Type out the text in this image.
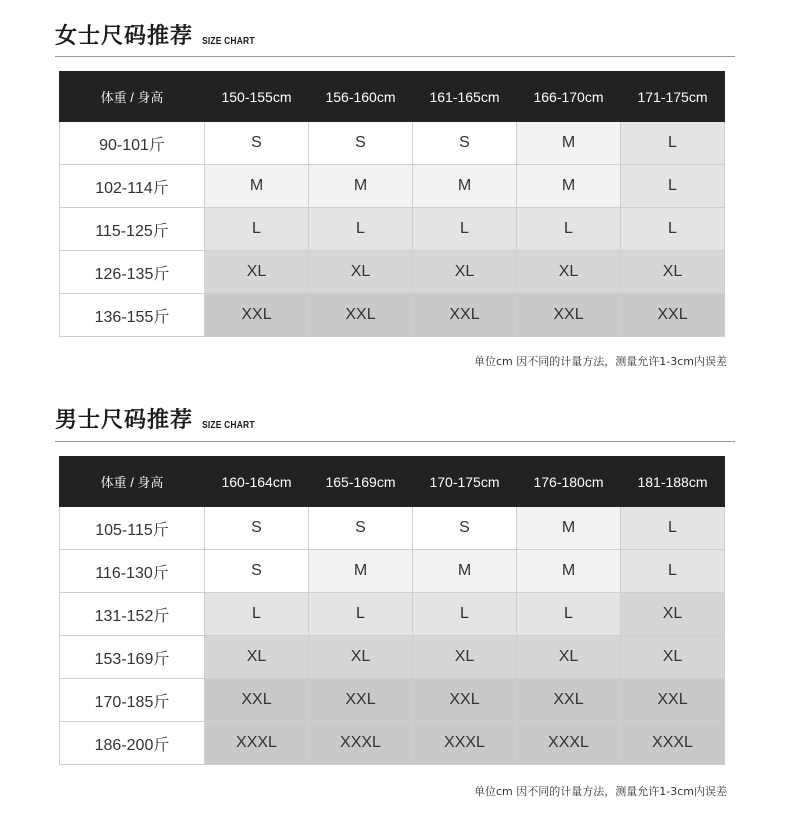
女士尺码推荐 SIZE CHART
体重 / 身高	150-155cm	156-160cm	161-165cm	166-170cm	171-175cm
90-101斤	S	S	S	M	L
102-114斤	M	M	M	M	L
115-125斤	L	L	L	L	L
126-135斤	XL	XL	XL	XL	XL
136-155斤	XXL	XXL	XXL	XXL	XXL
单位cm 因不同的计量方法，测量允许1-3cm内误差
男士尺码推荐 SIZE CHART
体重 / 身高	160-164cm	165-169cm	170-175cm	176-180cm	181-188cm
105-115斤	S	S	S	M	L
116-130斤	S	M	M	M	L
131-152斤	L	L	L	L	XL
153-169斤	XL	XL	XL	XL	XL
170-185斤	XXL	XXL	XXL	XXL	XXL
186-200斤	XXXL	XXXL	XXXL	XXXL	XXXL
单位cm 因不同的计量方法，测量允许1-3cm内误差
